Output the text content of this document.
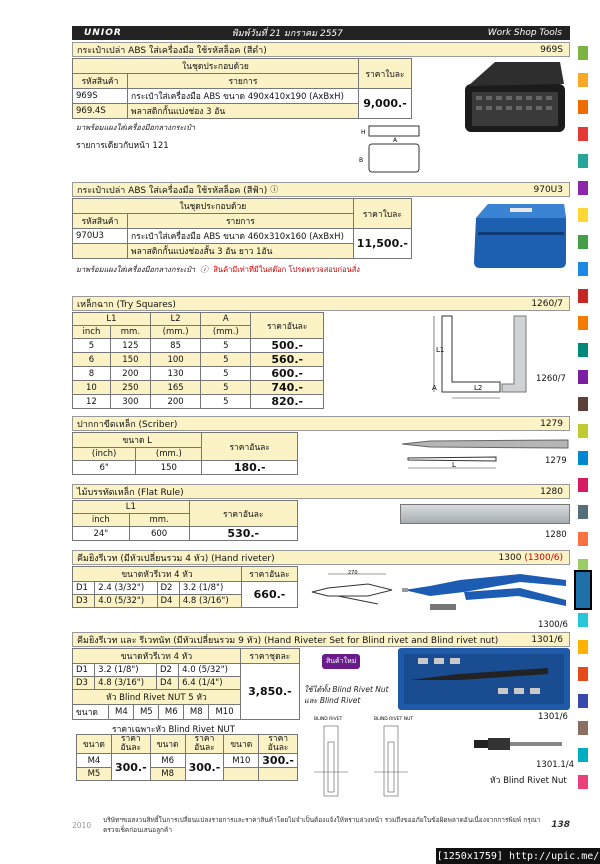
UNIOR	พิมพ์วันที่ 21 มกราคม 2557	Work Shop Tools
กระเป๋าเปล่า ABS ใส่เครื่องมือ ใช้รหัสล็อค (สีดำ)	969S
ในชุดประกอบด้วย		ราคาใบละ
รหัสสินค้า	รายการ	
969S	กระเป๋าใส่เครื่องมือ ABS ขนาด 490x410x190 (AxBxH)	9,000.-
969.4S	พลาสติกกั้นแบ่งช่อง 3 อัน	
มาพร้อมแผงใส่เครื่องมือกลางกระเป๋า
รายการเดียวกับหน้า 121
H
A
B
กระเป๋าเปล่า ABS ใส่เครื่องมือ ใช้รหัสล็อค (สีฟ้า) ⓘ	970U3
ในชุดประกอบด้วย		ราคาใบละ
รหัสสินค้า	รายการ	
970U3	กระเป๋าใส่เครื่องมือ ABS ขนาด 460x310x160 (AxBxH)	11,500.-
	พลาสติกกั้นแบ่งช่องสั้น 3 อัน ยาว 1อัน	
มาพร้อมแผงใส่เครื่องมือกลางกระเป๋า ⓘ สินค้ามีเท่าที่มีในสต๊อก โปรดตรวจสอบก่อนสั่ง
เหล็กฉาก (Try Squares)	1260/7
L1		L2	A	ราคาอันละ
inch	mm.	(mm.)	(mm.)	
5	125	85	5	500.-
6	150	100	5	560.-
8	200	130	5	600.-
10	250	165	5	740.-
12	300	200	5	820.-
L1
L2
A
1260/7
ปากกาขีดเหล็ก (Scriber)	1279
ขนาด L		ราคาอันละ
(inch)	(mm.)	
6"	150	180.-	L	1279
ไม้บรรทัดเหล็ก (Flat Rule)	1280
L1		ราคาอันละ
inch	mm.	
24"	600	530.-	1280
คีมยิงรีเวท (มีหัวเปลี่ยนรวม 4 หัว) (Hand riveter)	1300 (1300/6)
ขนาดหัวรีเวท 4 หัว				ราคาอันละ
D1	2.4 (3/32")	D2	3.2 (1/8")	660.-
D3	4.0 (5/32")	D4	4.8 (3/16")	
270
1300/6
คีมยิงรีเวท และ รีเวทนัท (มีหัวเปลี่ยนรวม 9 หัว) (Hand Riveter Set for Blind rivet and Blind rivet nut)	1301/6
ขนาดหัวรีเวท 4 หัว	ราคาชุดละ
D1	3.2 (1/8")	D2	4.0 (5/32")	3,850.-
D3	4.8 (3/16")	D4	6.4 (1/4")
หัว Blind Rivet NUT 5 หัว

ขนาด	M4	M5	M6	M8	M10
สินค้าใหม่
ใช้ได้ทั้ง Blind Rivet Nut
และ Blind Rivet
1301/6
ราคาเฉพาะหัว Blind Rivet NUT
ขนาด	ราคา อันละ	ขนาด	ราคา อันละ	ขนาด	ราคา อันละ
M4	300.-	M6	300.-	M10	300.-
M5		M8			
BLIND RIVET	BLIND RIVET NUT
1301.1/4
หัว Blind Rivet Nut
2010
บริษัทฯขอสงวนสิทธิ์ในการเปลี่ยนแปลงรายการและราคาสินค้าโดยไม่จำเป็นต้องแจ้งให้ทราบล่วงหน้า รวมถึงขออภัยในข้อผิดพลาดอันเนื่องจากการพิมพ์ กรุณาตรวจเช็คก่อนเสนอลูกค้า	138
[1250x1759] http://upic.me/
